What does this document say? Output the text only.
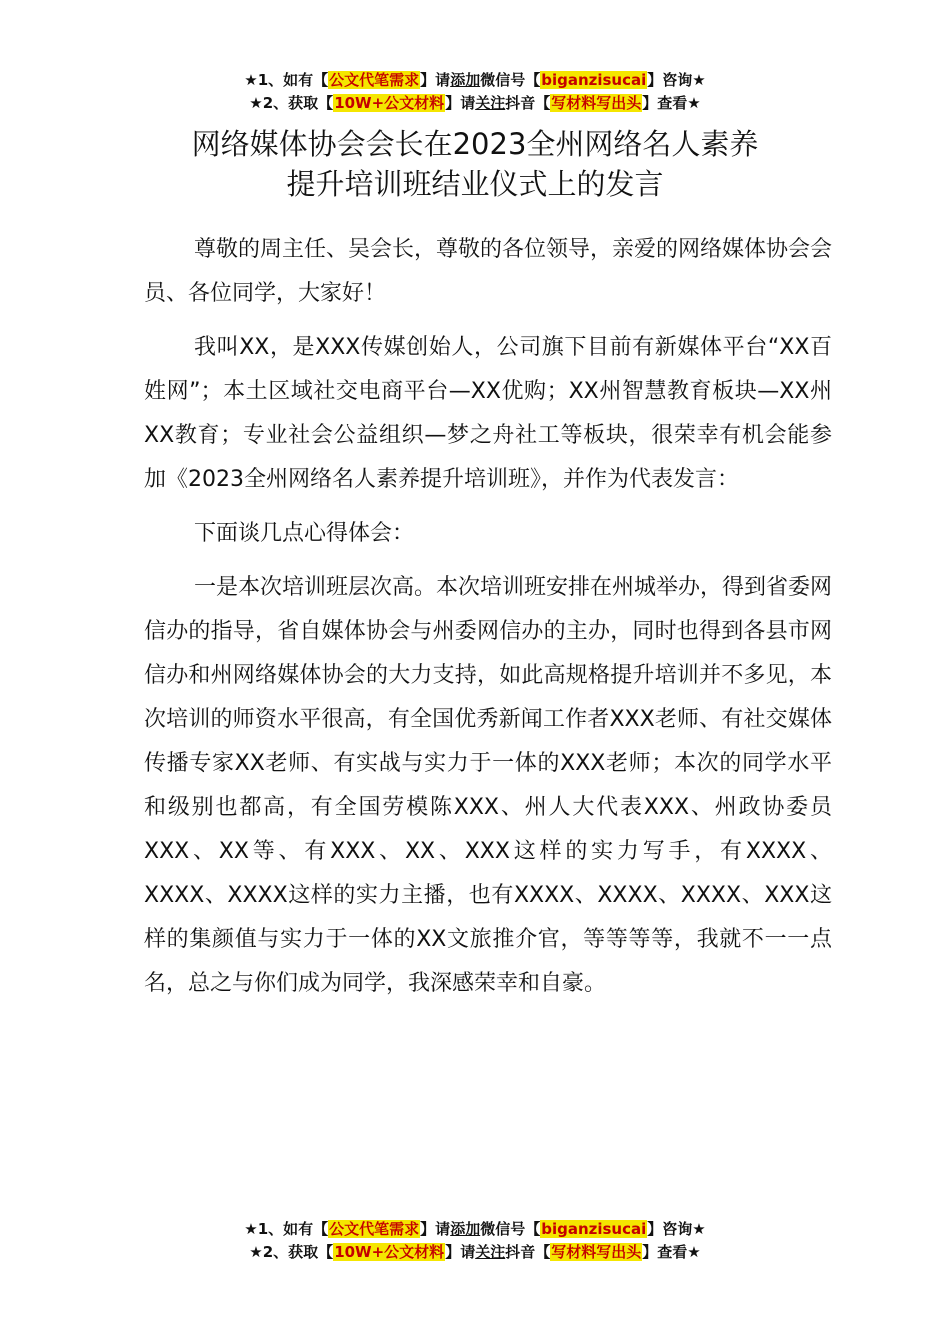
★1、如有【公文代笔需求】请添加微信号【biganzisucai】咨询★
★2、获取【10W+公文材料】请关注抖音【写材料写出头】查看★
网络媒体协会会长在2023全州网络名人素养
提升培训班结业仪式上的发言

尊敬的周主任、吴会长，尊敬的各位领导，亲爱的网络媒体协会会员、各位同学，大家好！

我叫XX，是XXX传媒创始人，公司旗下目前有新媒体平台“XX百姓网”；本土区域社交电商平台—XX优购；XX州智慧教育板块—XX州XX教育；专业社会公益组织—梦之舟社工等板块，很荣幸有机会能参加《2023全州网络名人素养提升培训班》，并作为代表发言：

下面谈几点心得体会：

一是本次培训班层次高。本次培训班安排在州城举办，得到省委网信办的指导，省自媒体协会与州委网信办的主办，同时也得到各县市网信办和州网络媒体协会的大力支持，如此高规格提升培训并不多见，本次培训的师资水平很高，有全国优秀新闻工作者XXX老师、有社交媒体传播专家XX老师、有实战与实力于一体的XXX老师；本次的同学水平和级别也都高，有全国劳模陈XXX、州人大代表XXX、州政协委员XXX、XX等、有XXX、XX、XXX这样的实力写手，有XXXX、XXXX、XXXX这样的实力主播，也有XXXX、XXXX、XXXX、XXX这样的集颜值与实力于一体的XX文旅推介官，等等等等，我就不一一点名，总之与你们成为同学，我深感荣幸和自豪。

★1、如有【公文代笔需求】请添加微信号【biganzisucai】咨询★
★2、获取【10W+公文材料】请关注抖音【写材料写出头】查看★
